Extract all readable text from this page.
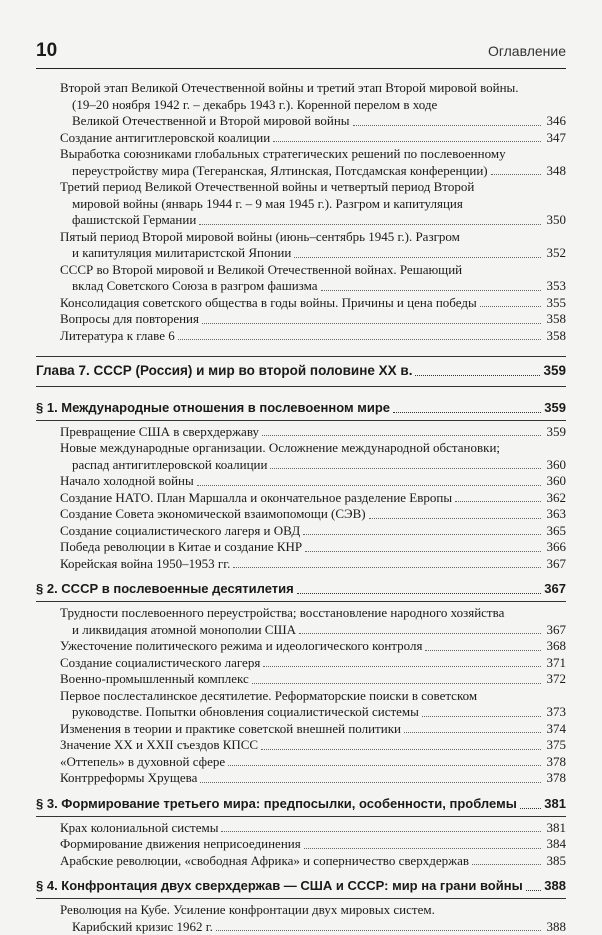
10	Оглавление
Второй этап Великой Отечественной войны и третий этап Второй мировой войны.
(19–20 ноября 1942 г. – декабрь 1943 г.). Коренной перелом в ходе
Великой Отечественной и Второй мировой войны	346
Создание антигитлеровской коалиции	347
Выработка союзниками глобальных стратегических решений по послевоенному
переустройству мира (Тегеранская, Ялтинская, Потсдамская конференции)	348
Третий период Великой Отечественной войны и четвертый период Второй
мировой войны (январь 1944 г. – 9 мая 1945 г.). Разгром и капитуляция
фашистской Германии	350
Пятый период Второй мировой войны (июнь–сентябрь 1945 г.). Разгром
и капитуляция милитаристской Японии	352
СССР во Второй мировой и Великой Отечественной войнах. Решающий
вклад Советского Союза в разгром фашизма	353
Консолидация советского общества в годы войны. Причины и цена победы	355
Вопросы для повторения	358
Литература к главе 6	358
Глава 7. СССР (Россия) и мир во второй половине XX в.	359
§ 1. Международные отношения в послевоенном мире	359
Превращение США в сверхдержаву	359
Новые международные организации. Осложнение международной обстановки;
распад антигитлеровской коалиции	360
Начало холодной войны	360
Создание НАТО. План Маршалла и окончательное разделение Европы	362
Создание Совета экономической взаимопомощи (СЭВ)	363
Создание социалистического лагеря и ОВД	365
Победа революции в Китае и создание КНР	366
Корейская война 1950–1953 гг.	367
§ 2. СССР в послевоенные десятилетия	367
Трудности послевоенного переустройства; восстановление народного хозяйства
и ликвидация атомной монополии США	367
Ужесточение политического режима и идеологического контроля	368
Создание социалистического лагеря	371
Военно-промышленный комплекс	372
Первое послесталинское десятилетие. Реформаторские поиски в советском
руководстве. Попытки обновления социалистической системы	373
Изменения в теории и практике советской внешней политики	374
Значение XX и XXII съездов КПСС	375
«Оттепель» в духовной сфере	378
Контрреформы Хрущева	378
§ 3. Формирование третьего мира: предпосылки, особенности, проблемы 381
Крах колониальной системы	381
Формирование движения неприсоединения	384
Арабские революции, «свободная Африка» и соперничество сверхдержав	385
§ 4. Конфронтация двух сверхдержав — США и СССР: мир на грани войны 388
Революция на Кубе. Усиление конфронтации двух мировых систем.
Карибский кризис 1962 г.	388
